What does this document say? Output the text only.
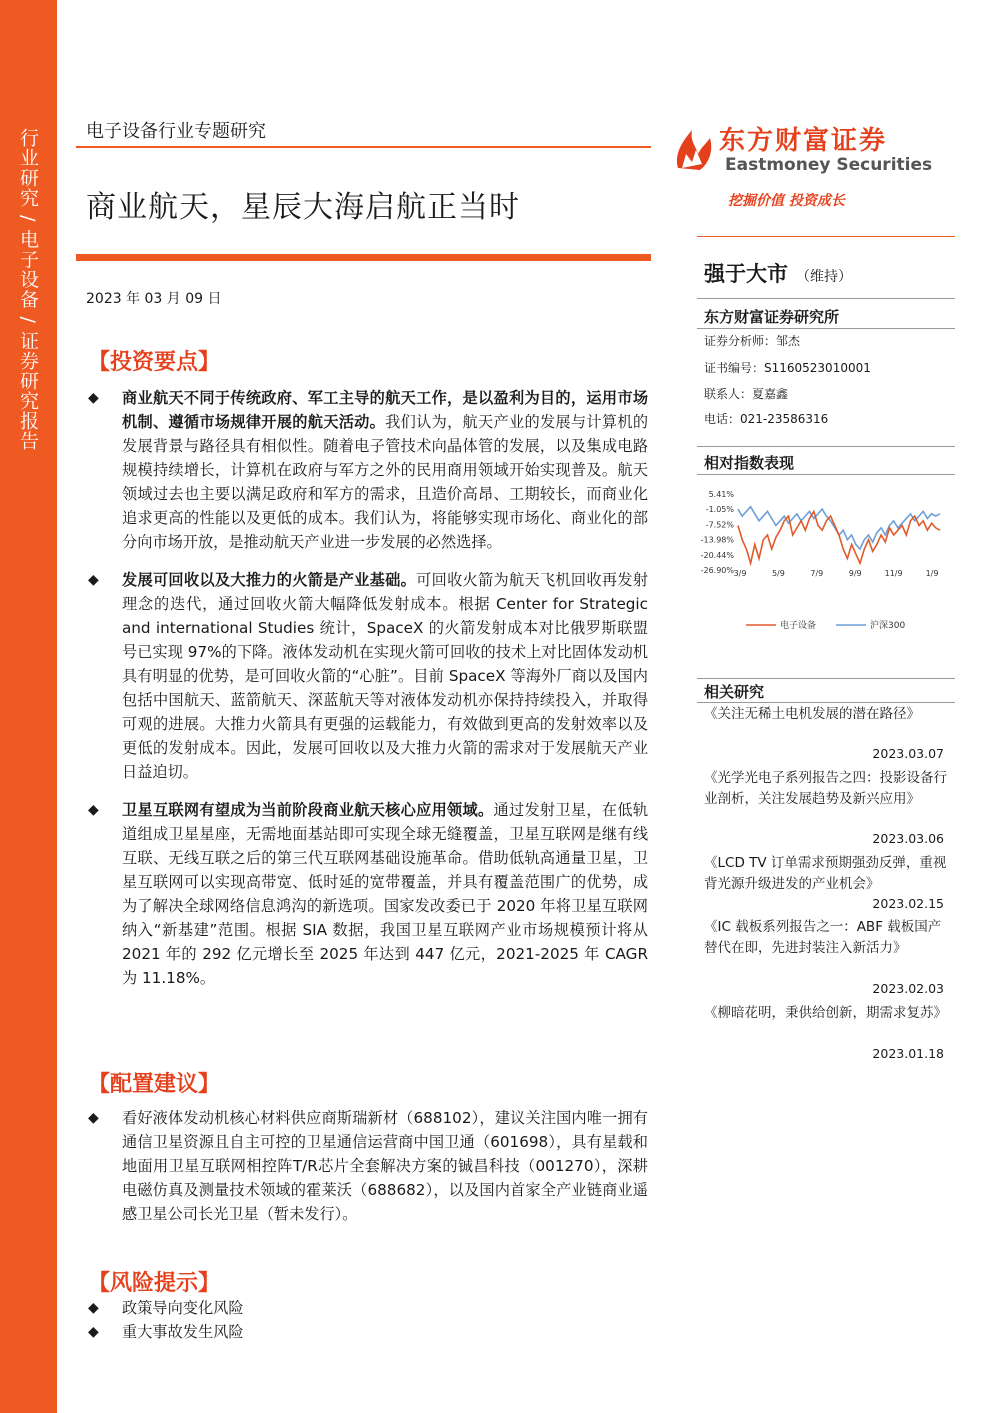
行业研究 / 电子设备 / 证券研究报告	电子设备行业专题研究
商业航天，星辰大海启航正当时
2023 年 03 月 09 日
东方财富证券
Eastmoney Securities
挖掘价值 投资成长
强于大市 （维持）
东方财富证券研究所
证券分析师：邹杰
证书编号：S1160523010001
联系人：夏嘉鑫
电话：021-23586316
相对指数表现
5.41%
-1.05%
-7.52%
-13.98%
-20.44%
-26.90% 3/9	5/9	7/9	9/9	11/9	1/9
电子设备	沪深300
相关研究
《关注无稀土电机发展的潜在路径》
2023.03.07
《光学光电子系列报告之四：投影设备行业剖析，关注发展趋势及新兴应用》
2023.03.06
《LCD TV 订单需求预期强劲反弹，重视背光源升级进发的产业机会》
2023.02.15
《IC 载板系列报告之一：ABF 载板国产替代在即，先进封装注入新活力》
2023.02.03
《柳暗花明，秉供给创新，期需求复苏》
2023.01.18
【投资要点】
◆ 商业航天不同于传统政府、军工主导的航天工作，是以盈利为目的，运用市场机制、遵循市场规律开展的航天活动。我们认为，航天产业的发展与计算机的发展背景与路径具有相似性。随着电子管技术向晶体管的发展，以及集成电路规模持续增长，计算机在政府与军方之外的民用商用领域开始实现普及。航天领域过去也主要以满足政府和军方的需求，且造价高昂、工期较长，而商业化追求更高的性能以及更低的成本。我们认为，将能够实现市场化、商业化的部分向市场开放，是推动航天产业进一步发展的必然选择。
◆ 发展可回收以及大推力的火箭是产业基础。可回收火箭为航天飞机回收再发射理念的迭代，通过回收火箭大幅降低发射成本。根据 Center for Strategic and international Studies 统计，SpaceX 的火箭发射成本对比俄罗斯联盟号已实现 97%的下降。液体发动机在实现火箭可回收的技术上对比固体发动机具有明显的优势，是可回收火箭的“心脏”。目前 SpaceX 等海外厂商以及国内包括中国航天、蓝箭航天、深蓝航天等对液体发动机亦保持持续投入，并取得可观的进展。大推力火箭具有更强的运载能力，有效做到更高的发射效率以及更低的发射成本。因此，发展可回收以及大推力火箭的需求对于发展航天产业日益迫切。
◆ 卫星互联网有望成为当前阶段商业航天核心应用领域。通过发射卫星，在低轨道组成卫星星座，无需地面基站即可实现全球无缝覆盖，卫星互联网是继有线互联、无线互联之后的第三代互联网基础设施革命。借助低轨高通量卫星，卫星互联网可以实现高带宽、低时延的宽带覆盖，并具有覆盖范围广的优势，成为了解决全球网络信息鸿沟的新选项。国家发改委已于 2020 年将卫星互联网纳入“新基建”范围。根据 SIA 数据，我国卫星互联网产业市场规模预计将从 2021 年的 292 亿元增长至 2025 年达到 447 亿元，2021-2025 年 CAGR 为 11.18%。
【配置建议】
◆ 看好液体发动机核心材料供应商斯瑞新材（688102），建议关注国内唯一拥有通信卫星资源且自主可控的卫星通信运营商中国卫通（601698），具有星载和地面用卫星互联网相控阵T/R芯片全套解决方案的铖昌科技（001270），深耕电磁仿真及测量技术领域的霍莱沃（688682），以及国内首家全产业链商业遥感卫星公司长光卫星（暂未发行）。
【风险提示】
◆ 政策导向变化风险
◆ 重大事故发生风险
